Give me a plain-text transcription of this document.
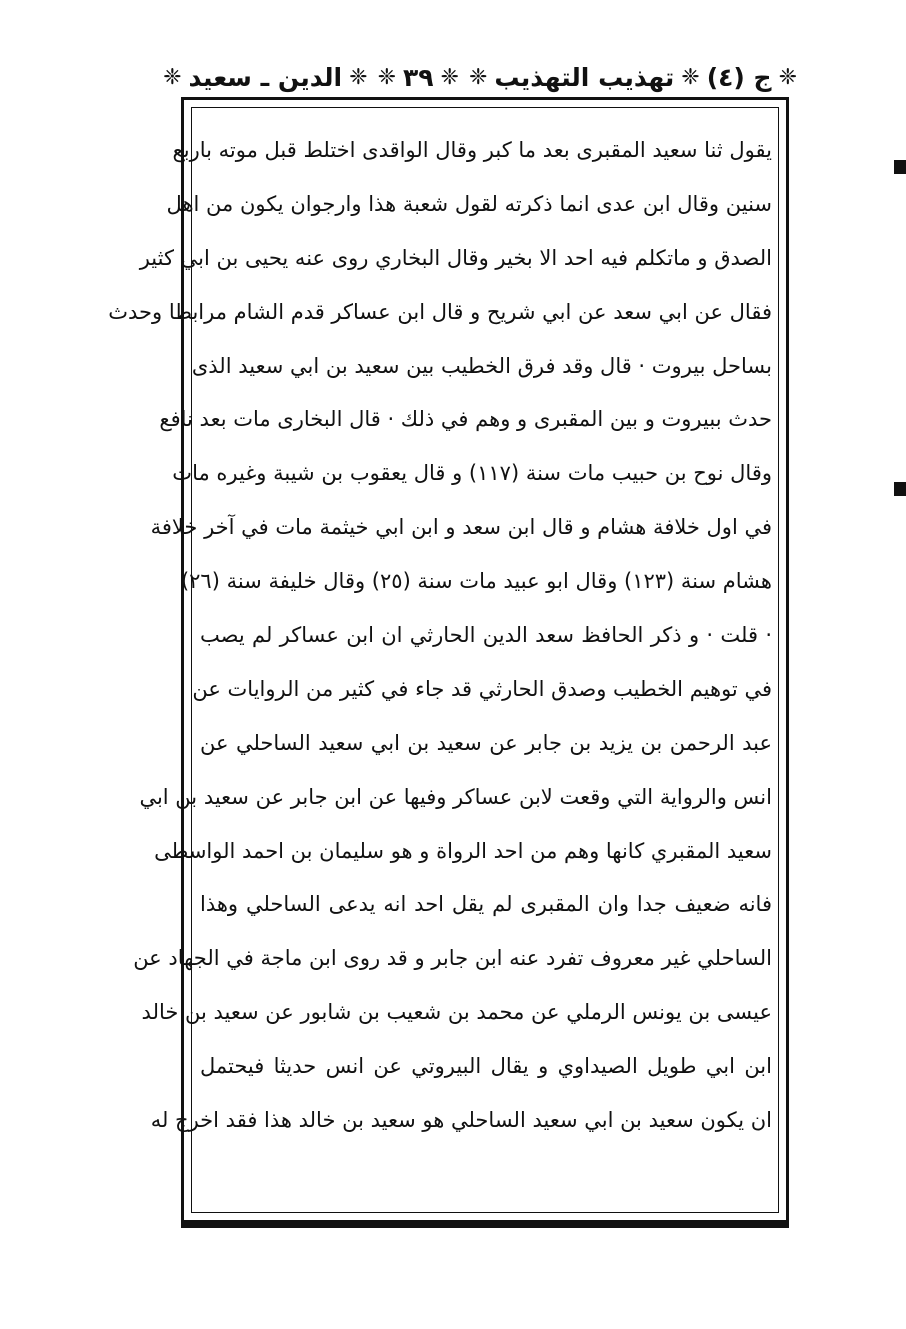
❈
ج (٤)
❈
تهذيب التهذيب
❈
❈
٣٩
❈
❈
الدين ـ سعيد
❈
يقول ثنا سعيد المقبرى بعد ما كبر وقال الواقدى اختلط قبل موته باربع
سنين وقال ابن عدى انما ذكرته لقول شعبة هذا وارجوان يكون من اهل
الصدق و ماتكلم فيه احد الا بخير وقال البخاري روى عنه يحيى بن ابي كثير
فقال عن ابي سعد عن ابي شريح و قال ابن عساكر قدم الشام مرابطا وحدث
بساحل بيروت · قال وقد فرق الخطيب بين سعيد بن ابي سعيد الذى
حدث ببيروت و بين المقبرى و وهم في ذلك · قال البخارى مات بعد نافع
وقال نوح بن حبيب مات سنة (١١٧) و قال يعقوب بن شيبة وغيره مات
في اول خلافة هشام و قال ابن سعد و ابن ابي خيثمة مات في آخر خلافة
هشام سنة (١٢٣) وقال ابو عبيد مات سنة (٢٥) وقال خليفة سنة (٢٦)
· قلت · و ذكر الحافظ سعد الدين الحارثي ان ابن عساكر لم يصب
في توهيم الخطيب وصدق الحارثي قد جاء في كثير من الروايات عن
عبد الرحمن بن يزيد بن جابر عن سعيد بن ابي سعيد الساحلي عن
انس والرواية التي وقعت لابن عساكر وفيها عن ابن جابر عن سعيد بن ابي
سعيد المقبري كانها وهم من احد الرواة و هو سليمان بن احمد الواسطى
فانه ضعيف جدا وان المقبرى لم يقل احد انه يدعى الساحلي وهذا
الساحلي غير معروف تفرد عنه ابن جابر و قد روى ابن ماجة في الجهاد عن
عيسى بن يونس الرملي عن محمد بن شعيب بن شابور عن سعيد بن خالد
ابن ابي طويل الصيداوي و يقال البيروتي عن انس حديثا فيحتمل
ان يكون سعيد بن ابي سعيد الساحلي هو سعيد بن خالد هذا فقد اخرج له
